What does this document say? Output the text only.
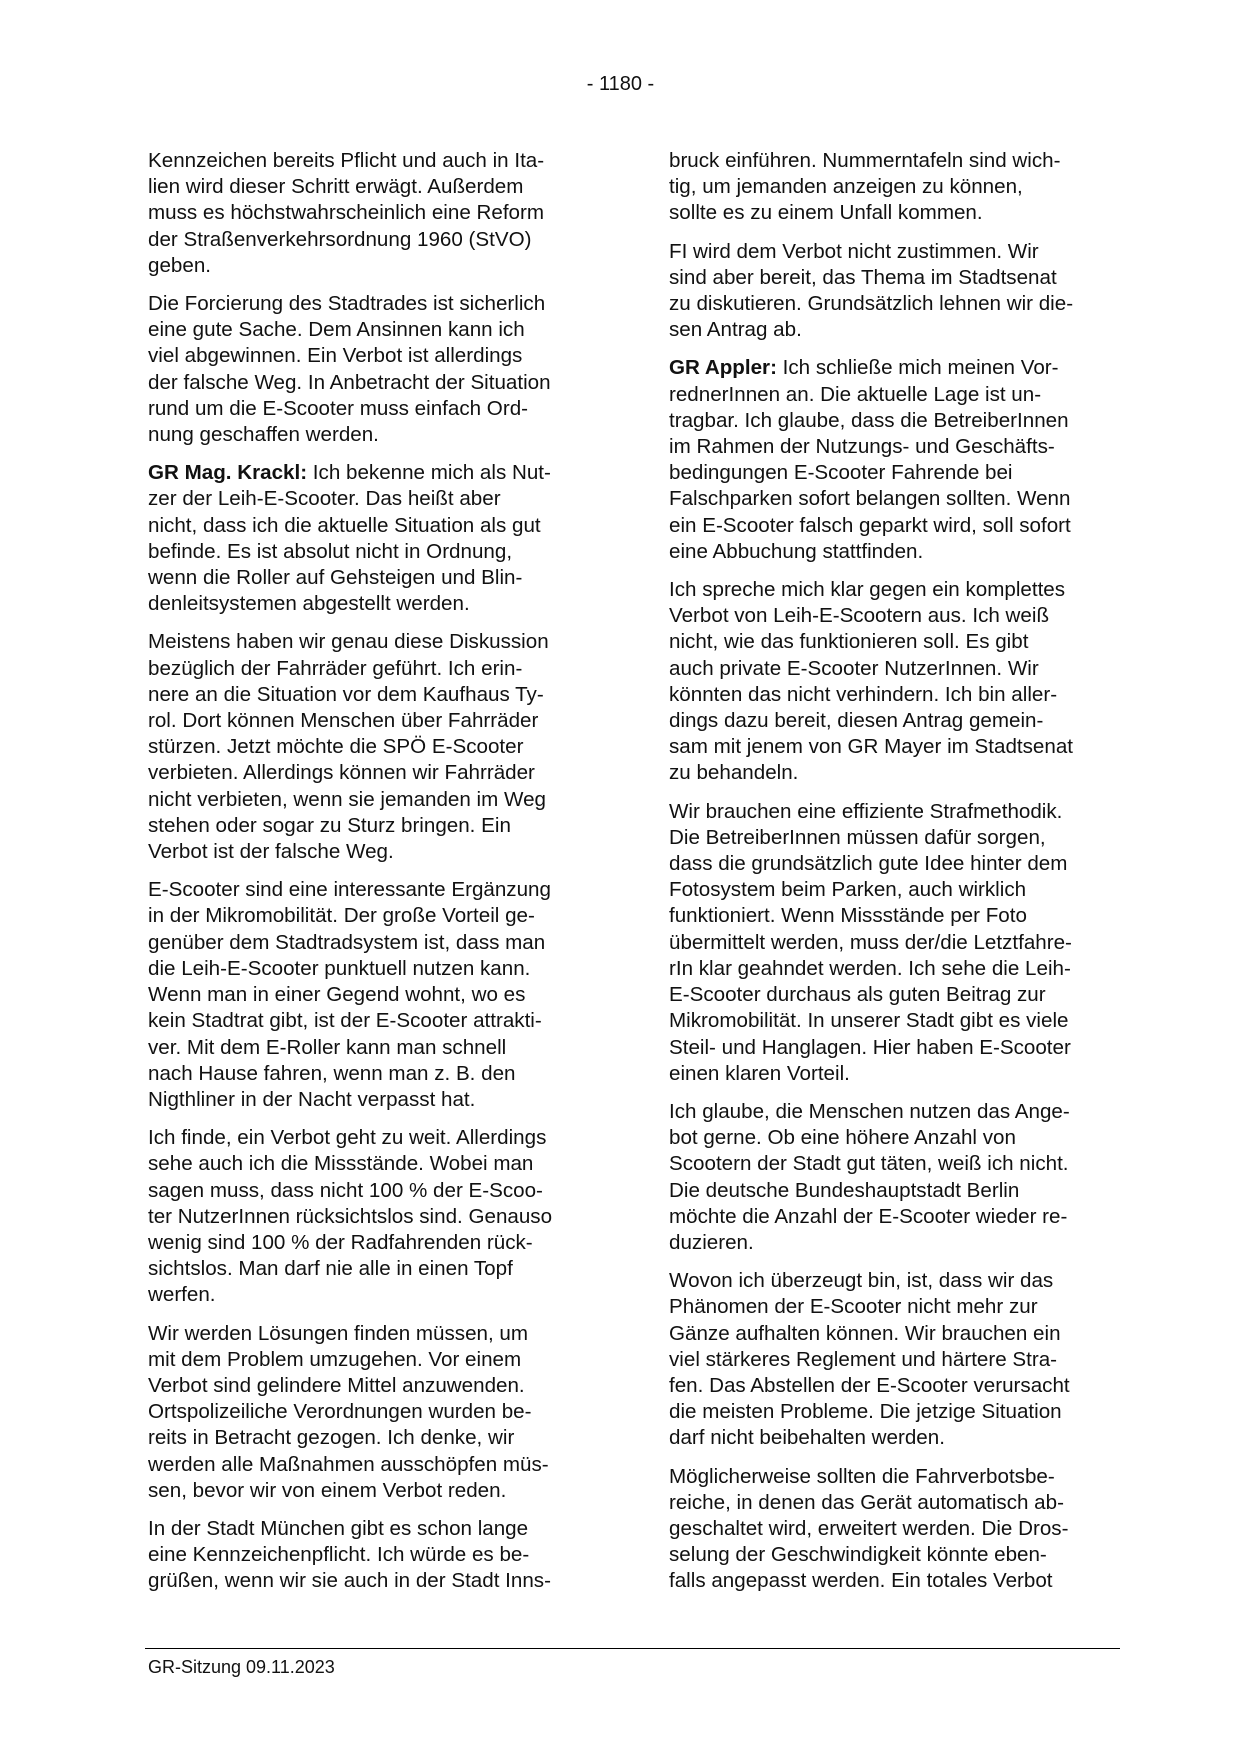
- 1180 -

Kennzeichen bereits Pflicht und auch in Ita-
lien wird dieser Schritt erwägt. Außerdem
muss es höchstwahrscheinlich eine Reform
der Straßenverkehrsordnung 1960 (StVO)
geben.

Die Forcierung des Stadtrades ist sicherlich
eine gute Sache. Dem Ansinnen kann ich
viel abgewinnen. Ein Verbot ist allerdings
der falsche Weg. In Anbetracht der Situation
rund um die E-Scooter muss einfach Ord-
nung geschaffen werden.

GR Mag. Krackl: Ich bekenne mich als Nut-
zer der Leih-E-Scooter. Das heißt aber
nicht, dass ich die aktuelle Situation als gut
befinde. Es ist absolut nicht in Ordnung,
wenn die Roller auf Gehsteigen und Blin-
denleitsystemen abgestellt werden.

Meistens haben wir genau diese Diskussion
bezüglich der Fahrräder geführt. Ich erin-
nere an die Situation vor dem Kaufhaus Ty-
rol. Dort können Menschen über Fahrräder
stürzen. Jetzt möchte die SPÖ E-Scooter
verbieten. Allerdings können wir Fahrräder
nicht verbieten, wenn sie jemanden im Weg
stehen oder sogar zu Sturz bringen. Ein
Verbot ist der falsche Weg.

E-Scooter sind eine interessante Ergänzung
in der Mikromobilität. Der große Vorteil ge-
genüber dem Stadtradsystem ist, dass man
die Leih-E-Scooter punktuell nutzen kann.
Wenn man in einer Gegend wohnt, wo es
kein Stadtrat gibt, ist der E-Scooter attrakti-
ver. Mit dem E-Roller kann man schnell
nach Hause fahren, wenn man z. B. den
Nigthliner in der Nacht verpasst hat.

Ich finde, ein Verbot geht zu weit. Allerdings
sehe auch ich die Missstände. Wobei man
sagen muss, dass nicht 100 % der E-Scoo-
ter NutzerInnen rücksichtslos sind. Genauso
wenig sind 100 % der Radfahrenden rück-
sichtslos. Man darf nie alle in einen Topf
werfen.

Wir werden Lösungen finden müssen, um
mit dem Problem umzugehen. Vor einem
Verbot sind gelindere Mittel anzuwenden.
Ortspolizeiliche Verordnungen wurden be-
reits in Betracht gezogen. Ich denke, wir
werden alle Maßnahmen ausschöpfen müs-
sen, bevor wir von einem Verbot reden.

In der Stadt München gibt es schon lange
eine Kennzeichenpflicht. Ich würde es be-
grüßen, wenn wir sie auch in der Stadt Inns-

bruck einführen. Nummerntafeln sind wich-
tig, um jemanden anzeigen zu können,
sollte es zu einem Unfall kommen.

FI wird dem Verbot nicht zustimmen. Wir
sind aber bereit, das Thema im Stadtsenat
zu diskutieren. Grundsätzlich lehnen wir die-
sen Antrag ab.

GR Appler: Ich schließe mich meinen Vor-
rednerInnen an. Die aktuelle Lage ist un-
tragbar. Ich glaube, dass die BetreiberInnen
im Rahmen der Nutzungs- und Geschäfts-
bedingungen E-Scooter Fahrende bei
Falschparken sofort belangen sollten. Wenn
ein E-Scooter falsch geparkt wird, soll sofort
eine Abbuchung stattfinden.

Ich spreche mich klar gegen ein komplettes
Verbot von Leih-E-Scootern aus. Ich weiß
nicht, wie das funktionieren soll. Es gibt
auch private E-Scooter NutzerInnen. Wir
könnten das nicht verhindern. Ich bin aller-
dings dazu bereit, diesen Antrag gemein-
sam mit jenem von GR Mayer im Stadtsenat
zu behandeln.

Wir brauchen eine effiziente Strafmethodik.
Die BetreiberInnen müssen dafür sorgen,
dass die grundsätzlich gute Idee hinter dem
Fotosystem beim Parken, auch wirklich
funktioniert. Wenn Missstände per Foto
übermittelt werden, muss der/die Letztfahre-
rIn klar geahndet werden. Ich sehe die Leih-
E-Scooter durchaus als guten Beitrag zur
Mikromobilität. In unserer Stadt gibt es viele
Steil- und Hanglagen. Hier haben E-Scooter
einen klaren Vorteil.

Ich glaube, die Menschen nutzen das Ange-
bot gerne. Ob eine höhere Anzahl von
Scootern der Stadt gut täten, weiß ich nicht.
Die deutsche Bundeshauptstadt Berlin
möchte die Anzahl der E-Scooter wieder re-
duzieren.

Wovon ich überzeugt bin, ist, dass wir das
Phänomen der E-Scooter nicht mehr zur
Gänze aufhalten können. Wir brauchen ein
viel stärkeres Reglement und härtere Stra-
fen. Das Abstellen der E-Scooter verursacht
die meisten Probleme. Die jetzige Situation
darf nicht beibehalten werden.

Möglicherweise sollten die Fahrverbotsbe-
reiche, in denen das Gerät automatisch ab-
geschaltet wird, erweitert werden. Die Dros-
selung der Geschwindigkeit könnte eben-
falls angepasst werden. Ein totales Verbot

GR-Sitzung 09.11.2023
